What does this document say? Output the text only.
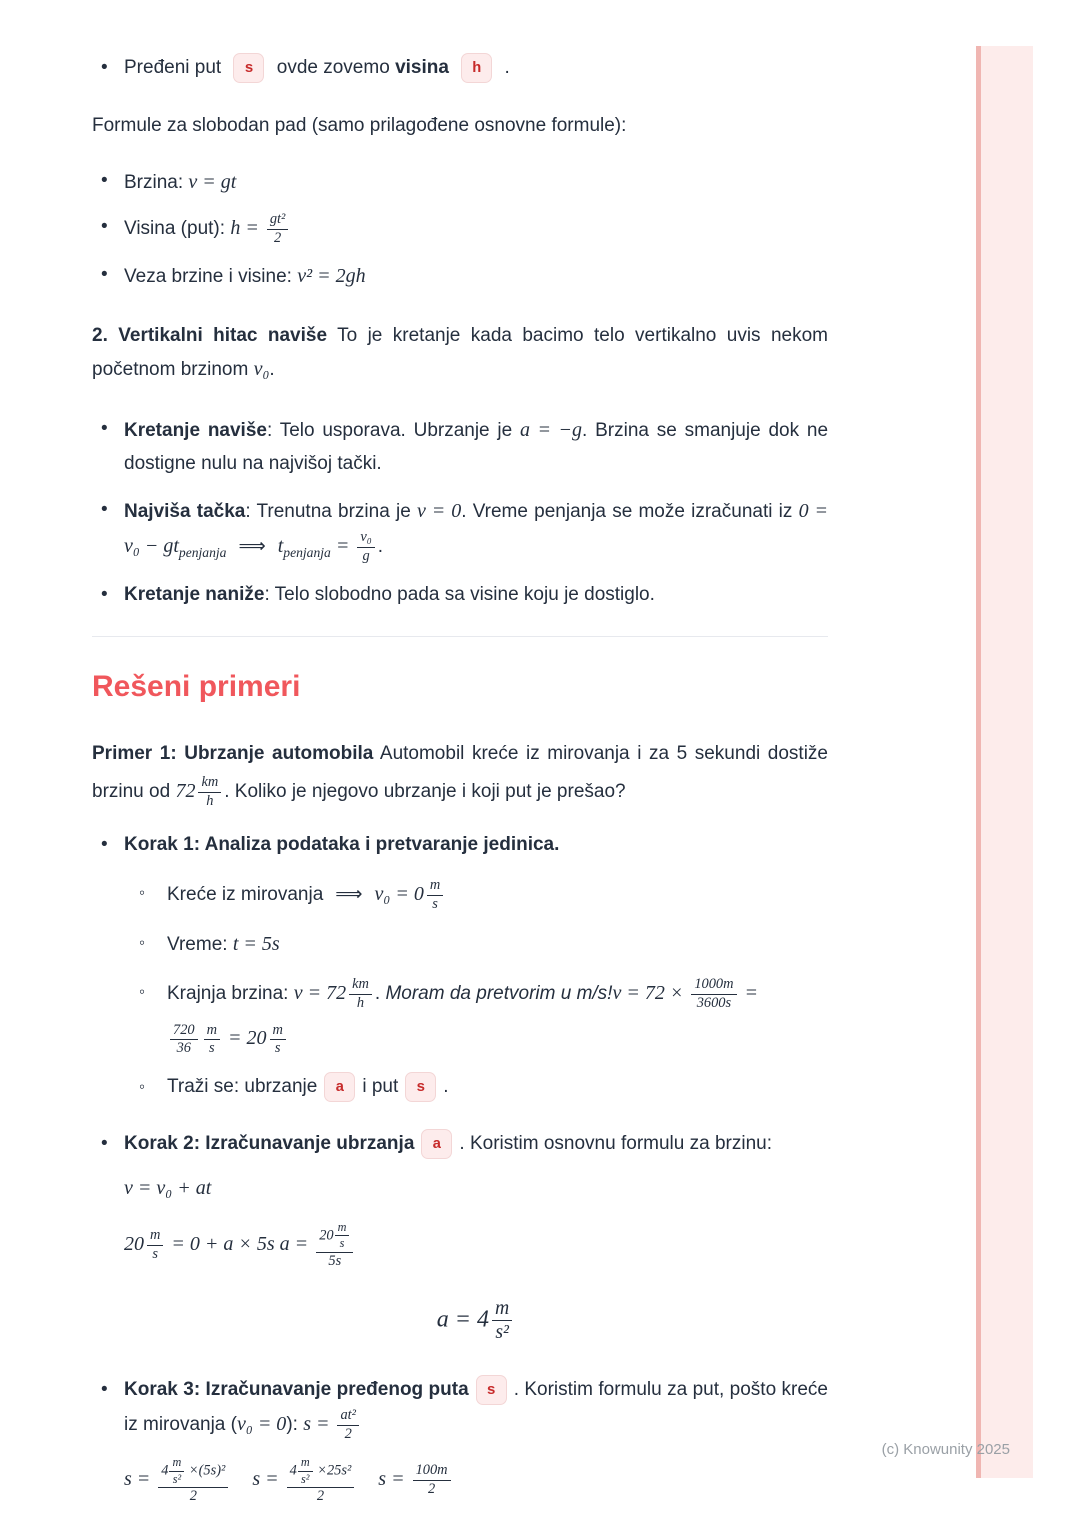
• Pređeni put s ovde zovemo visina h .

Formule za slobodan pad (samo prilagođene osnovne formule):

• Brzina: v = gt
• Visina (put): $h = \frac{\text{gt²}}{2}$
• Veza brzine i visine: v² = 2gh

2. Vertikalni hitac naviše To je kretanje kada bacimo telo vertikalno uvis nekom početnom brzinom v₀.

• Kretanje naviše: Telo usporava. Ubrzanje je a = −g. Brzina se smanjuje dok ne dostigne nulu na najvišoj tački.
• Najviša tačka: Trenutna brzina je v = 0. Vreme penjanja se može izračunati iz $0 = v_0 - gt_{penjanja}$ ⟹ $t_{penjanja} = \frac{\text{v₀}}{g}$ .
• Kretanje naniže: Telo slobodno pada sa visine koju je dostiglo.
Rešeni primeri

Primer 1: Ubrzanje automobila Automobil kreće iz mirovanja i za 5 sekundi dostiže brzinu od $72 \frac{km}{h}$ . Koliko je njegovo ubrzanje i koji put je prešao?

• Korak 1: Analiza podataka i pretvaranje jedinica.
◦ Kreće iz mirovanja ⟹ $v_0 = 0 \frac{m}{s}$
◦ Vreme: t = 5s
◦ Krajnja brzina: $v = 72 \frac{km}{h}$ . Moram da pretvorim u $m/s!v = 72 \times \frac{1000m}{3600s}$ =
$\frac{720}{36} \frac{m}{s} = 20 \frac{m}{s}$
◦ Traži se: ubrzanje a i put s .
• Korak 2: Izračunavanje ubrzanja a . Koristim osnovnu formulu za brzinu:
v = v₀ + at
$20 \frac{m}{s} = 0 + a \times 5s$ $a = \frac{20 \frac{m}{s}}{5s}$
$a = 4 \frac{m}{\text{s²}}$
• Korak 3: Izračunavanje pređenog puta s . Koristim formulu za put, pošto kreće iz mirovanja (v₀ = 0): $s = \frac{\text{at²}}{2}$
$s = \frac{4 \frac{m}{\text{s²}} \times(5s)^2}{2}$ $s = \frac{4 \frac{m}{\text{s²}} \times 25s^2}{2}$ $s = \frac{100m}{2}$
(c) Knowunity 2025
